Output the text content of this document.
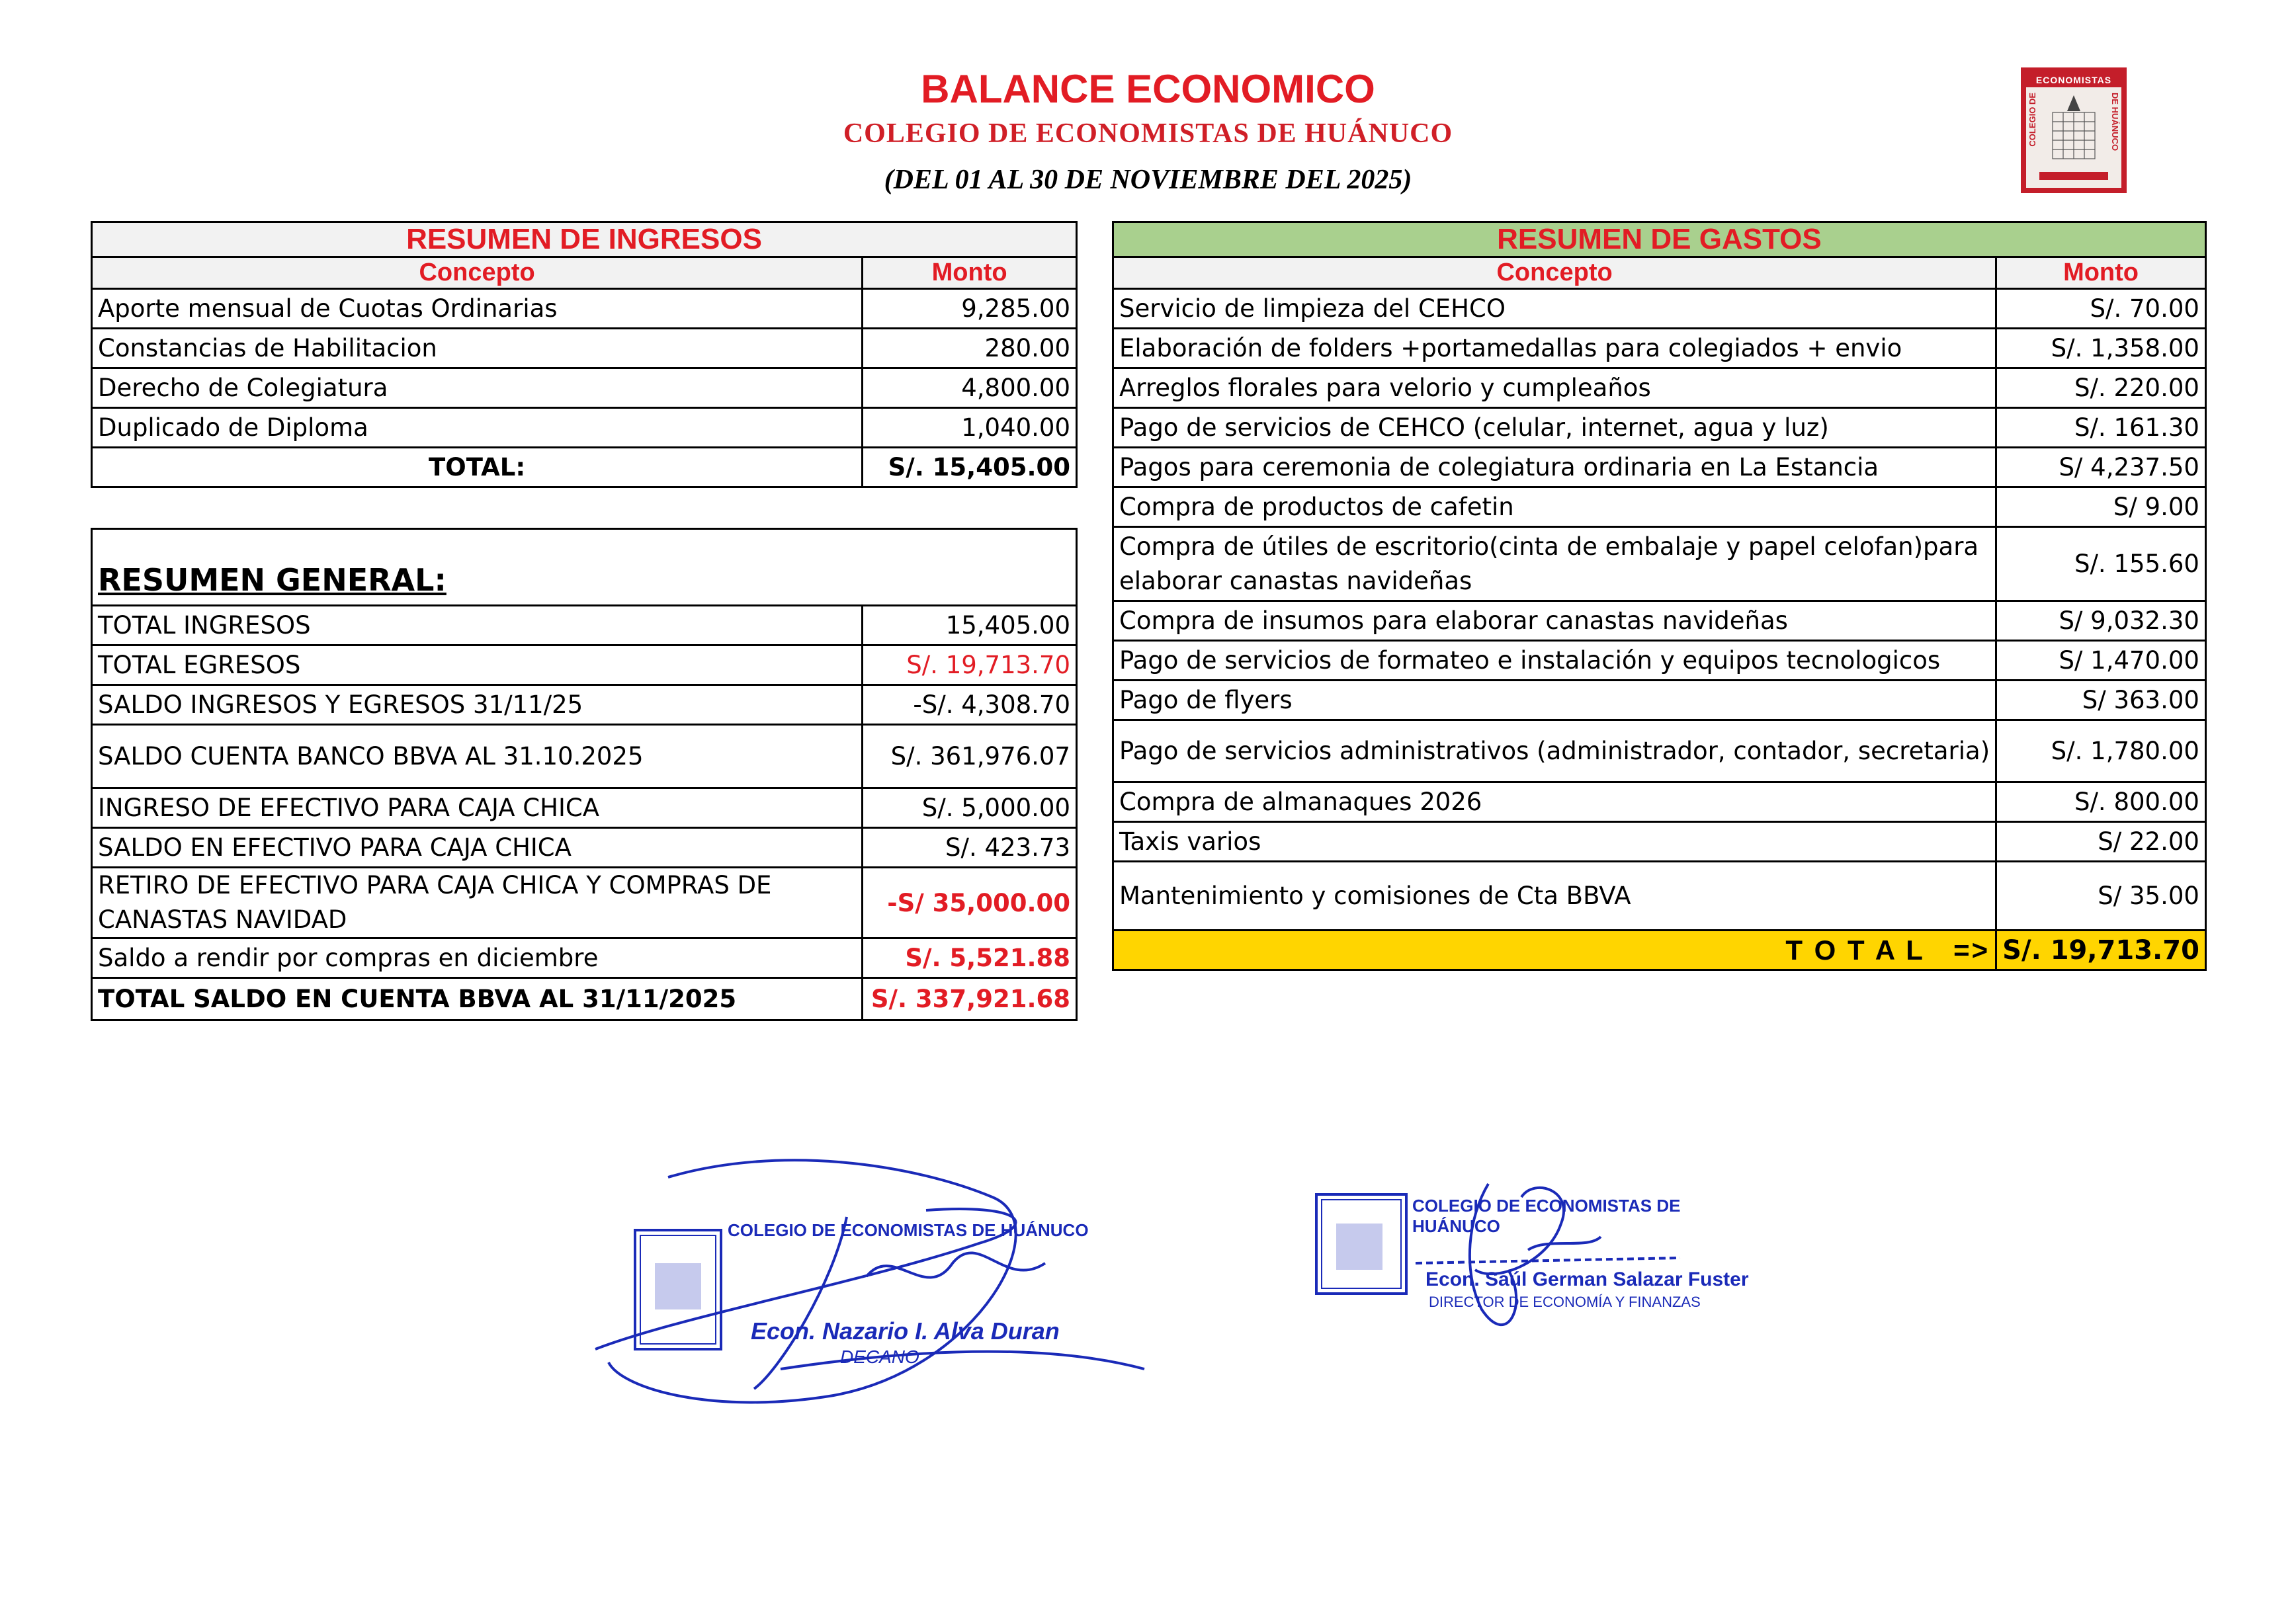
BALANCE ECONOMICO
COLEGIO DE ECONOMISTAS DE HUÁNUCO
(DEL 01 AL 30 DE NOVIEMBRE DEL 2025)
ECONOMISTAS
COLEGIO DE	DE HUÁNUCO
RESUMEN DE INGRESOS	
Concepto	Monto
Aporte mensual de Cuotas Ordinarias	9,285.00
Constancias de Habilitacion	280.00
Derecho de Colegiatura	4,800.00
Duplicado de Diploma	1,040.00
TOTAL:	S/. 15,405.00
RESUMEN GENERAL:	
TOTAL INGRESOS	15,405.00
TOTAL EGRESOS	S/. 19,713.70
SALDO INGRESOS Y EGRESOS 31/11/25	-S/. 4,308.70
SALDO CUENTA BANCO BBVA AL 31.10.2025	S/. 361,976.07
INGRESO DE EFECTIVO PARA CAJA CHICA	S/. 5,000.00
SALDO EN EFECTIVO PARA CAJA CHICA	S/. 423.73
RETIRO DE EFECTIVO PARA CAJA CHICA Y COMPRAS DE CANASTAS NAVIDAD	-S/ 35,000.00
Saldo a rendir por compras en diciembre	S/. 5,521.88
TOTAL SALDO EN CUENTA BBVA AL 31/11/2025	S/. 337,921.68
RESUMEN DE GASTOS	
Concepto	Monto
Servicio de limpieza del CEHCO	S/. 70.00
Elaboración de folders +portamedallas para colegiados + envio	S/. 1,358.00
Arreglos florales para velorio y cumpleaños	S/. 220.00
Pago de servicios de CEHCO (celular, internet, agua y luz)	S/. 161.30
Pagos para ceremonia de colegiatura ordinaria en La Estancia	S/ 4,237.50
Compra de productos de cafetin	S/ 9.00
Compra de útiles de escritorio(cinta de embalaje y papel celofan)para elaborar canastas navideñas	S/. 155.60
Compra de insumos para elaborar canastas navideñas	S/ 9,032.30
Pago de servicios de formateo e instalación y equipos tecnologicos	S/ 1,470.00
Pago de flyers	S/ 363.00
Pago de servicios administrativos (administrador, contador, secretaria)	S/. 1,780.00
Compra de almanaques 2026	S/. 800.00
Taxis varios	S/ 22.00
Mantenimiento y comisiones de Cta BBVA	S/ 35.00
T O T A L   =>	S/. 19,713.70
COLEGIO DE ECONOMISTAS DE HUÁNUCO
Econ. Nazario I. Alva Duran
DECANO
COLEGIO DE ECONOMISTAS DE HUÁNUCO
Econ. Saúl German Salazar Fuster
DIRECTOR DE ECONOMÍA Y FINANZAS
